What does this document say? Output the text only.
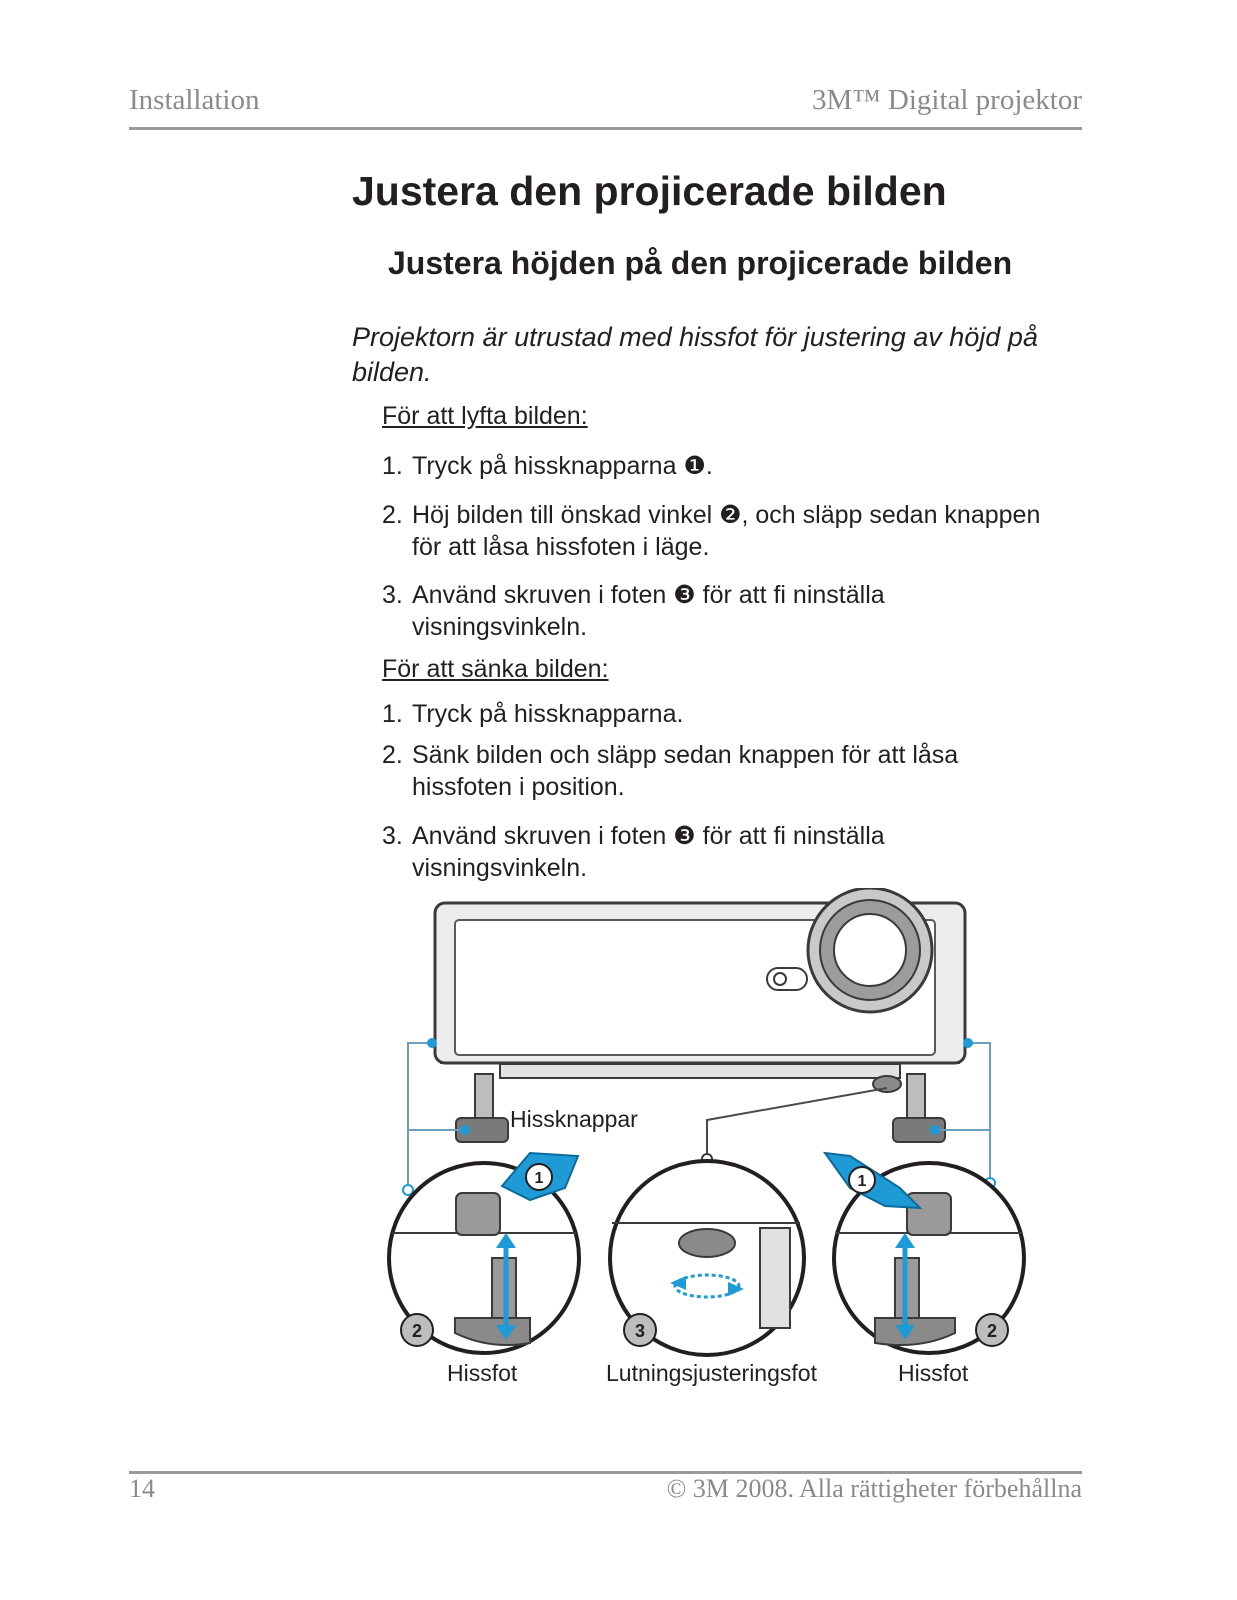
Installation	3M™ Digital projektor
Justera den projicerade bilden
Justera höjden på den projicerade bilden

Projektorn är utrustad med hissfot för justering av höjd på bilden.

För att lyfta bilden:
1. Tryck på hissknapparna ❶.
2. Höj bilden till önskad vinkel ❷, och släpp sedan knappen
för att låsa hissfoten i läge.
3. Använd skruven i foten ❸ för att fi ninställa
visningsvinkeln.
För att sänka bilden:
1. Tryck på hissknapparna.
2. Sänk bilden och släpp sedan knappen för att låsa
hissfoten i position.
3. Använd skruven i foten ❸ för att fi ninställa
visningsvinkeln.
1	1
2	3	2
Hissknappar
Hissfot	Lutningsjusteringsfot	Hissfot
14	© 3M 2008. Alla rättigheter förbehållna
